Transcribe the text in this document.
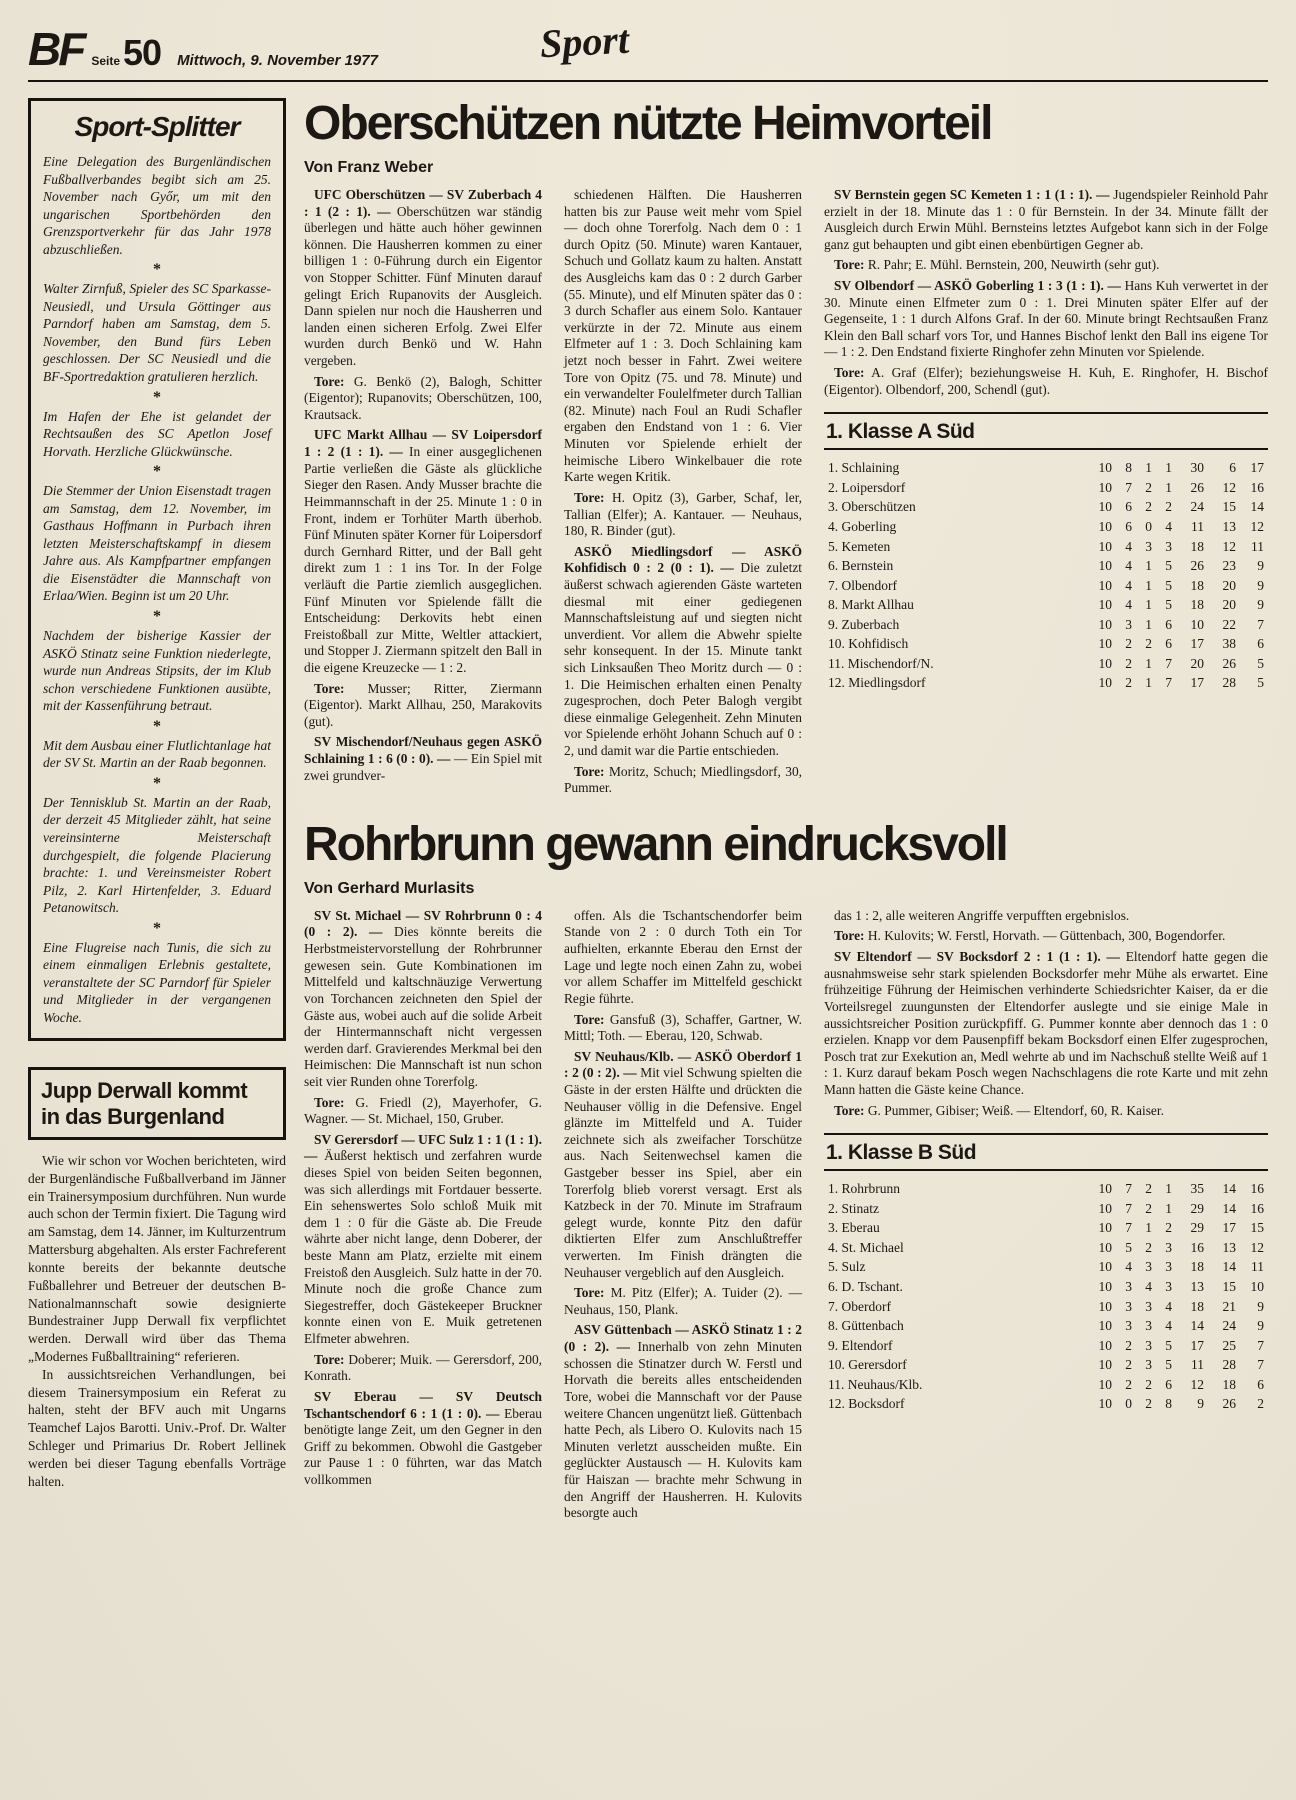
BF Seite 50 Mittwoch, 9. November 1977	Sport
Sport-Splitter

Eine Delegation des Burgenländischen Fußballverbandes begibt sich am 25. November nach Győr, um mit den ungarischen Sportbehörden den Grenzsportverkehr für das Jahr 1978 abzuschließen.

* Walter Zirnfuß, Spieler des SC Sparkasse-Neusiedl, und Ursula Göttinger aus Parndorf haben am Samstag, dem 5. November, den Bund fürs Leben geschlossen. Der SC Neusiedl und die BF-Sportredaktion gratulieren herzlich.

* Im Hafen der Ehe ist gelandet der Rechtsaußen des SC Apetlon Josef Horvath. Herzliche Glückwünsche.

* Die Stemmer der Union Eisenstadt tragen am Samstag, dem 12. November, im Gasthaus Hoffmann in Purbach ihren letzten Meisterschaftskampf in diesem Jahre aus. Als Kampfpartner empfangen die Eisenstädter die Mannschaft von Erlaa/Wien. Beginn ist um 20 Uhr.

* Nachdem der bisherige Kassier der ASKÖ Stinatz seine Funktion niederlegte, wurde nun Andreas Stipsits, der im Klub schon verschiedene Funktionen ausübte, mit der Kassenführung betraut.

* Mit dem Ausbau einer Flutlichtanlage hat der SV St. Martin an der Raab begonnen.

* Der Tennisklub St. Martin an der Raab, der derzeit 45 Mitglieder zählt, hat seine vereinsinterne Meisterschaft durchgespielt, die folgende Placierung brachte: 1. und Vereinsmeister Robert Pilz, 2. Karl Hirtenfelder, 3. Eduard Petanowitsch.

* Eine Flugreise nach Tunis, die sich zu einem einmaligen Erlebnis gestaltete, veranstaltete der SC Parndorf für Spieler und Mitglieder in der vergangenen Woche.

Jupp Derwall kommt
in das Burgenland

Wie wir schon vor Wochen berichteten, wird der Burgenländische Fußballverband im Jänner ein Trainersymposium durchführen. Nun wurde auch schon der Termin fixiert. Die Tagung wird am Samstag, dem 14. Jänner, im Kulturzentrum Mattersburg abgehalten. Als erster Fachreferent konnte bereits der bekannte deutsche Fußballehrer und Betreuer der deutschen B-Nationalmannschaft sowie designierte Bundestrainer Jupp Derwall fix verpflichtet werden. Derwall wird über das Thema „Modernes Fußballtraining“ referieren.

In aussichtsreichen Verhandlungen, bei diesem Trainersymposium ein Referat zu halten, steht der BFV auch mit Ungarns Teamchef Lajos Barotti. Univ.-Prof. Dr. Walter Schleger und Primarius Dr. Robert Jellinek werden bei dieser Tagung ebenfalls Vorträge halten.

Oberschützen nützte Heimvorteil
Von Franz Weber

UFC Oberschützen — SV Zuberbach 4 : 1 (2 : 1). — Oberschützen war ständig überlegen und hätte auch höher gewinnen können. Die Hausherren kommen zu einer billigen 1 : 0-Führung durch ein Eigentor von Stopper Schitter. Fünf Minuten darauf gelingt Erich Rupanovits der Ausgleich. Dann spielen nur noch die Hausherren und landen einen sicheren Erfolg. Zwei Elfer wurden durch Benkö und W. Hahn vergeben.

Tore: G. Benkö (2), Balogh, Schitter (Eigentor); Rupanovits; Oberschützen, 100, Krautsack.

UFC Markt Allhau — SV Loipersdorf 1 : 2 (1 : 1). — In einer ausgeglichenen Partie verließen die Gäste als glückliche Sieger den Rasen. Andy Musser brachte die Heimmannschaft in der 25. Minute 1 : 0 in Front, indem er Torhüter Marth überhob. Fünf Minuten später Korner für Loipersdorf durch Gernhard Ritter, und der Ball geht direkt zum 1 : 1 ins Tor. In der Folge verläuft die Partie ziemlich ausgeglichen. Fünf Minuten vor Spielende fällt die Entscheidung: Derkovits hebt einen Freistoßball zur Mitte, Weltler attackiert, und Stopper J. Ziermann spitzelt den Ball in die eigene Kreuzecke — 1 : 2.

Tore: Musser; Ritter, Ziermann (Eigentor). Markt Allhau, 250, Marakovits (gut).

SV Mischendorf/Neuhaus gegen ASKÖ Schlaining 1 : 6 (0 : 0). — — Ein Spiel mit zwei grundver-

schiedenen Hälften. Die Hausherren hatten bis zur Pause weit mehr vom Spiel — doch ohne Torerfolg. Nach dem 0 : 1 durch Opitz (50. Minute) waren Kantauer, Schuch und Gollatz kaum zu halten. Anstatt des Ausgleichs kam das 0 : 2 durch Garber (55. Minute), und elf Minuten später das 0 : 3 durch Schafler aus einem Solo. Kantauer verkürzte in der 72. Minute aus einem Elfmeter auf 1 : 3. Doch Schlaining kam jetzt noch besser in Fahrt. Zwei weitere Tore von Opitz (75. und 78. Minute) und ein verwandelter Foulelfmeter durch Tallian (82. Minute) nach Foul an Rudi Schafler ergaben den Endstand von 1 : 6. Vier Minuten vor Spielende erhielt der heimische Libero Winkelbauer die rote Karte wegen Kritik.

Tore: H. Opitz (3), Garber, Schaf, ler, Tallian (Elfer); A. Kantauer. — Neuhaus, 180, R. Binder (gut).

ASKÖ Miedlingsdorf — ASKÖ Kohfidisch 0 : 2 (0 : 1). — Die zuletzt äußerst schwach agierenden Gäste warteten diesmal mit einer gediegenen Mannschaftsleistung auf und siegten nicht unverdient. Vor allem die Abwehr spielte sehr konsequent. In der 15. Minute tankt sich Linksaußen Theo Moritz durch — 0 : 1. Die Heimischen erhalten einen Penalty zugesprochen, doch Peter Balogh vergibt diese einmalige Gelegenheit. Zehn Minuten vor Spielende erhöht Johann Schuch auf 0 : 2, und damit war die Partie entschieden.

Tore: Moritz, Schuch; Miedlingsdorf, 30, Pummer.

SV Bernstein gegen SC Kemeten 1 : 1 (1 : 1). — Jugendspieler Reinhold Pahr erzielt in der 18. Minute das 1 : 0 für Bernstein. In der 34. Minute fällt der Ausgleich durch Erwin Mühl. Bernsteins letztes Aufgebot kann sich in der Folge ganz gut behaupten und gibt einen ebenbürtigen Gegner ab.

Tore: R. Pahr; E. Mühl. Bernstein, 200, Neuwirth (sehr gut).

SV Olbendorf — ASKÖ Goberling 1 : 3 (1 : 1). — Hans Kuh verwertet in der 30. Minute einen Elfmeter zum 0 : 1. Drei Minuten später Elfer auf der Gegenseite, 1 : 1 durch Alfons Graf. In der 60. Minute bringt Rechtsaußen Franz Klein den Ball scharf vors Tor, und Hannes Bischof lenkt den Ball ins eigene Tor — 1 : 2. Den Endstand fixierte Ringhofer zehn Minuten vor Spielende.

Tore: A. Graf (Elfer); beziehungsweise H. Kuh, E. Ringhofer, H. Bischof (Eigentor). Olbendorf, 200, Schendl (gut).

1. Klasse A Süd
1. Schlaining	10 8 1 1	30	6	17
2. Loipersdorf	10 7 2 1	26	12	16
3. Oberschützen	10 6 2 2	24	15	14
4. Goberling	10 6 0 4	11	13	12
5. Kemeten	10 4 3 3	18	12	11
6. Bernstein	10 4 1 5	26	23	9
7. Olbendorf	10 4 1 5	18	20	9
8. Markt Allhau	10 4 1 5	18	20	9
9. Zuberbach	10 3 1 6	10	22	7
10. Kohfidisch	10 2 2 6	17	38	6
11. Mischendorf/N.	10 2 1 7	20	26	5
12. Miedlingsdorf	10 2 1 7	17	28	5
Rohrbrunn gewann eindrucksvoll
Von Gerhard Murlasits

SV St. Michael — SV Rohrbrunn 0 : 4 (0 : 2). — Dies könnte bereits die Herbstmeistervorstellung der Rohrbrunner gewesen sein. Gute Kombinationen im Mittelfeld und kaltschnäuzige Verwertung von Torchancen zeichneten den Spiel der Gäste aus, wobei auch auf die solide Arbeit der Hintermannschaft nicht vergessen werden darf. Gravierendes Merkmal bei den Heimischen: Die Mannschaft ist nun schon seit vier Runden ohne Torerfolg.

Tore: G. Friedl (2), Mayerhofer, G. Wagner. — St. Michael, 150, Gruber.

SV Gerersdorf — UFC Sulz 1 : 1 (1 : 1). — Äußerst hektisch und zerfahren wurde dieses Spiel von beiden Seiten begonnen, was sich allerdings mit Fortdauer besserte. Ein sehenswertes Solo schloß Muik mit dem 1 : 0 für die Gäste ab. Die Freude währte aber nicht lange, denn Doberer, der beste Mann am Platz, erzielte mit einem Freistoß den Ausgleich. Sulz hatte in der 70. Minute noch die große Chance zum Siegestreffer, doch Gästekeeper Bruckner konnte einen von E. Muik getretenen Elfmeter abwehren.

Tore: Doberer; Muik. — Gerersdorf, 200, Konrath.

SV Eberau — SV Deutsch Tschantschendorf 6 : 1 (1 : 0). — Eberau benötigte lange Zeit, um den Gegner in den Griff zu bekommen. Obwohl die Gastgeber zur Pause 1 : 0 führten, war das Match vollkommen

offen. Als die Tschantschendorfer beim Stande von 2 : 0 durch Toth ein Tor aufhielten, erkannte Eberau den Ernst der Lage und legte noch einen Zahn zu, wobei vor allem Schaffer im Mittelfeld geschickt Regie führte.

Tore: Gansfuß (3), Schaffer, Gartner, W. Mittl; Toth. — Eberau, 120, Schwab.

SV Neuhaus/Klb. — ASKÖ Oberdorf 1 : 2 (0 : 2). — Mit viel Schwung spielten die Gäste in der ersten Hälfte und drückten die Neuhauser völlig in die Defensive. Engel glänzte im Mittelfeld und A. Tuider zeichnete sich als zweifacher Torschütze aus. Nach Seitenwechsel kamen die Gastgeber besser ins Spiel, aber ein Torerfolg blieb vorerst versagt. Erst als Katzbeck in der 70. Minute im Strafraum gelegt wurde, konnte Pitz den dafür diktierten Elfer zum Anschlußtreffer verwerten. Im Finish drängten die Neuhauser vergeblich auf den Ausgleich.

Tore: M. Pitz (Elfer); A. Tuider (2). — Neuhaus, 150, Plank.

ASV Güttenbach — ASKÖ Stinatz 1 : 2 (0 : 2). — Innerhalb von zehn Minuten schossen die Stinatzer durch W. Ferstl und Horvath die bereits alles entscheidenden Tore, wobei die Mannschaft vor der Pause weitere Chancen ungenützt ließ. Güttenbach hatte Pech, als Libero O. Kulovits nach 15 Minuten verletzt ausscheiden mußte. Ein geglückter Austausch — H. Kulovits kam für Haiszan — brachte mehr Schwung in den Angriff der Hausherren. H. Kulovits besorgte auch

das 1 : 2, alle weiteren Angriffe verpufften ergebnislos.

Tore: H. Kulovits; W. Ferstl, Horvath. — Güttenbach, 300, Bogendorfer.

SV Eltendorf — SV Bocksdorf 2 : 1 (1 : 1). — Eltendorf hatte gegen die ausnahmsweise sehr stark spielenden Bocksdorfer mehr Mühe als erwartet. Eine frühzeitige Führung der Heimischen verhinderte Schiedsrichter Kaiser, da er die Vorteilsregel zuungunsten der Eltendorfer auslegte und sie einige Male in aussichtsreicher Position zurückpfiff. G. Pummer konnte aber dennoch das 1 : 0 erzielen. Knapp vor dem Pausenpfiff bekam Bocksdorf einen Elfer zugesprochen, Posch trat zur Exekution an, Medl wehrte ab und im Nachschuß stellte Weiß auf 1 : 1. Kurz darauf bekam Posch wegen Nachschlagens die rote Karte und mit zehn Mann hatten die Gäste keine Chance.

Tore: G. Pummer, Gibiser; Weiß. — Eltendorf, 60, R. Kaiser.

1. Klasse B Süd
1. Rohrbrunn	10 7 2 1	35	14	16
2. Stinatz	10 7 2 1	29	14	16
3. Eberau	10 7 1 2	29	17	15
4. St. Michael	10 5 2 3	16	13	12
5. Sulz	10 4 3 3	18	14	11
6. D. Tschant.	10 3 4 3	13	15	10
7. Oberdorf	10 3 3 4	18	21	9
8. Güttenbach	10 3 3 4	14	24	9
9. Eltendorf	10 2 3 5	17	25	7
10. Gerersdorf	10 2 3 5	11	28	7
11. Neuhaus/Klb.	10 2 2 6	12	18	6
12. Bocksdorf	10 0 2 8	9	26	2
